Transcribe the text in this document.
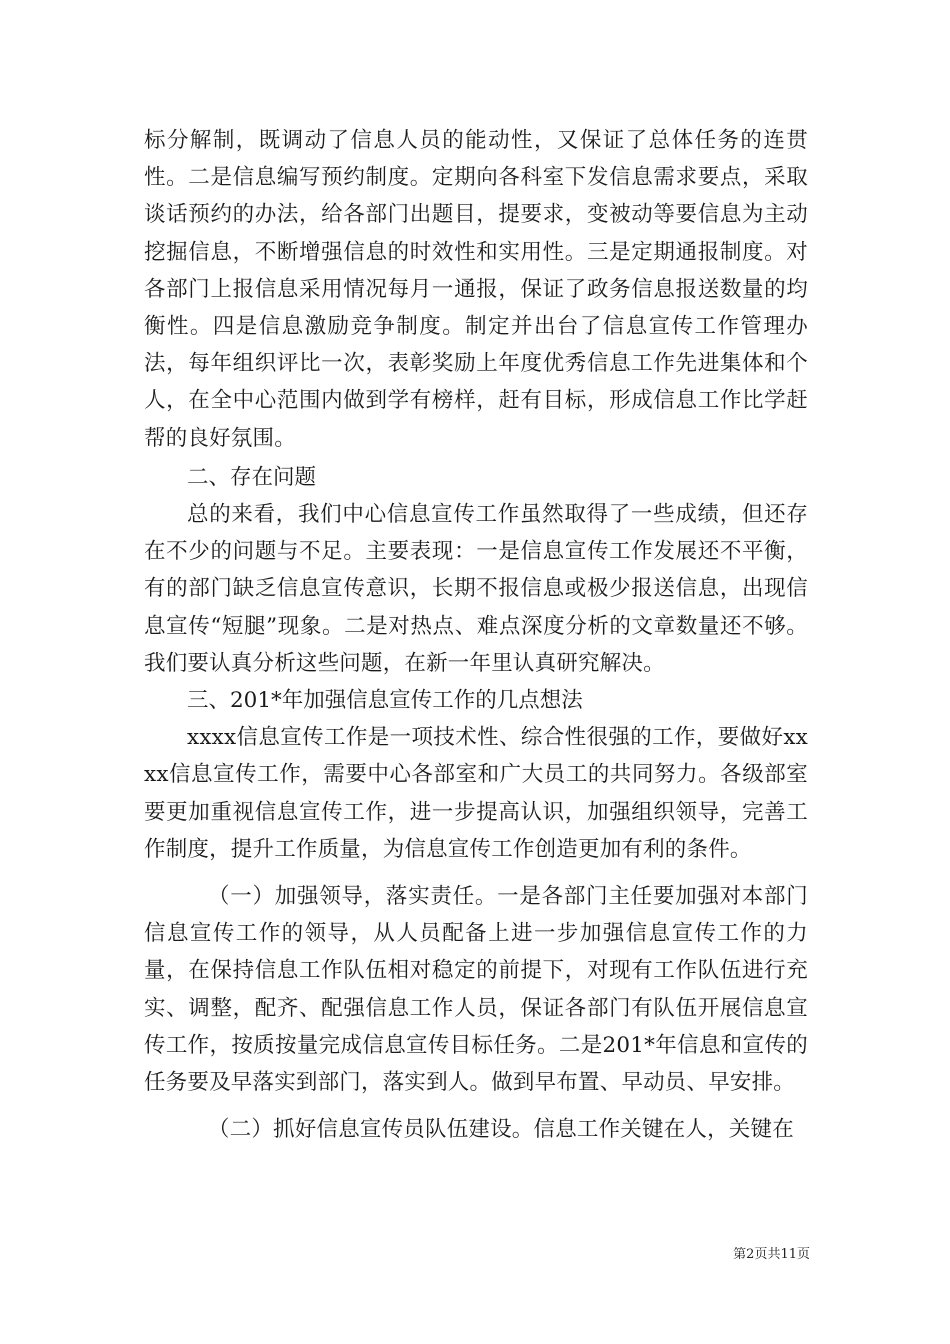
标分解制，既调动了信息人员的能动性，又保证了总体任务的连贯性。二是信息编写预约制度。定期向各科室下发信息需求要点，采取谈话预约的办法，给各部门出题目，提要求，变被动等要信息为主动挖掘信息，不断增强信息的时效性和实用性。三是定期通报制度。对各部门上报信息采用情况每月一通报，保证了政务信息报送数量的均衡性。四是信息激励竞争制度。制定并出台了信息宣传工作管理办法，每年组织评比一次，表彰奖励上年度优秀信息工作先进集体和个人，在全中心范围内做到学有榜样，赶有目标，形成信息工作比学赶帮的良好氛围。

二、存在问题

总的来看，我们中心信息宣传工作虽然取得了一些成绩，但还存在不少的问题与不足。主要表现：一是信息宣传工作发展还不平衡，有的部门缺乏信息宣传意识，长期不报信息或极少报送信息，出现信息宣传“短腿”现象。二是对热点、难点深度分析的文章数量还不够。我们要认真分析这些问题，在新一年里认真研究解决。

三、201*年加强信息宣传工作的几点想法

xxxx信息宣传工作是一项技术性、综合性很强的工作，要做好xxxx信息宣传工作，需要中心各部室和广大员工的共同努力。各级部室要更加重视信息宣传工作，进一步提高认识，加强组织领导，完善工作制度，提升工作质量，为信息宣传工作创造更加有利的条件。

（一）加强领导，落实责任。一是各部门主任要加强对本部门信息宣传工作的领导，从人员配备上进一步加强信息宣传工作的力量，在保持信息工作队伍相对稳定的前提下，对现有工作队伍进行充实、调整，配齐、配强信息工作人员，保证各部门有队伍开展信息宣传工作，按质按量完成信息宣传目标任务。二是201*年信息和宣传的任务要及早落实到部门，落实到人。做到早布置、早动员、早安排。

（二）抓好信息宣传员队伍建设。信息工作关键在人，关键在

第2页共11页
